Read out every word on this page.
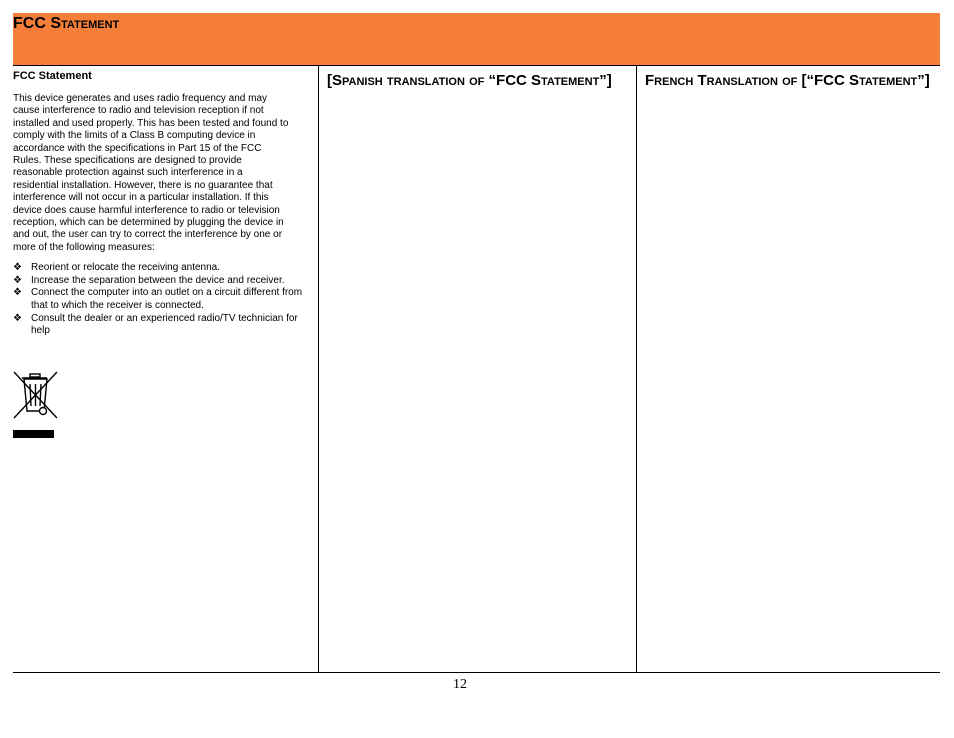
FCC Statement
FCC Statement

This device generates and uses radio frequency and may
cause interference to radio and television reception if not
installed and used properly. This has been tested and found to
comply with the limits of a Class B computing device in
accordance with the specifications in Part 15 of the FCC
Rules. These specifications are designed to provide
reasonable protection against such interference in a
residential installation. However, there is no guarantee that
interference will not occur in a particular installation. If this
device does cause harmful interference to radio or television
reception, which can be determined by plugging the device in
and out, the user can try to correct the interference by one or
more of the following measures:

❖ Reorient or relocate the receiving antenna.
❖ Increase the separation between the device and receiver.
❖ Connect the computer into an outlet on a circuit different from that to which the receiver is connected.
❖ Consult the dealer or an experienced radio/TV technician for help
[Spanish translation of “FCC Statement”]	French Translation of [“FCC Statement”]
12
